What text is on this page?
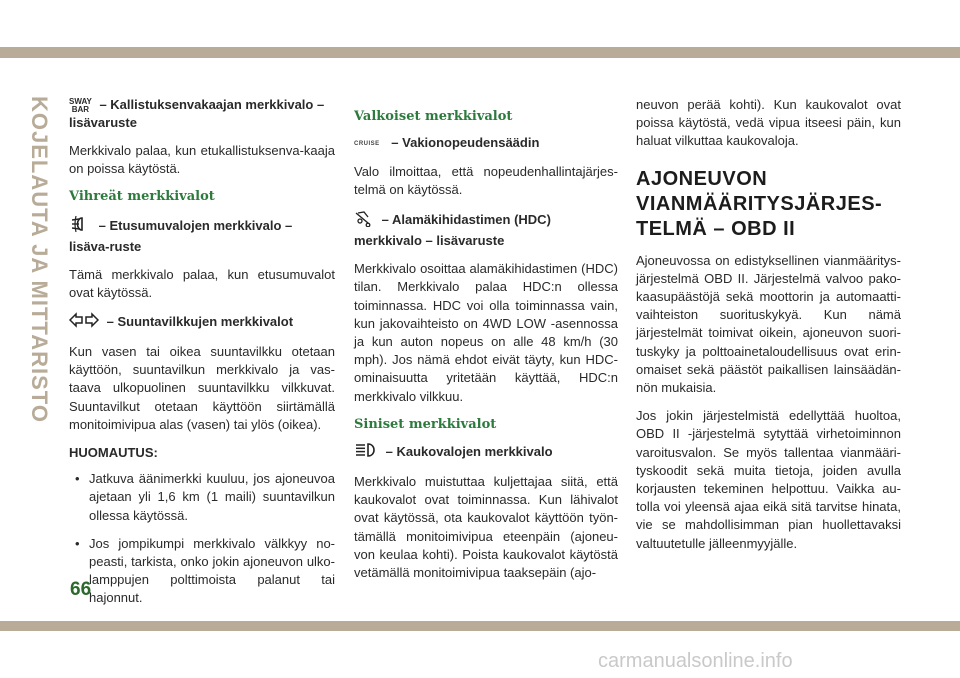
KOJELAUTA JA MITTARISTO SWAY
BAR – Kallistuksenvakaajan merkkivalo – lisävaruste

Merkkivalo palaa, kun etukallistuksenva-kaaja on poissa käytöstä.

Vihreät merkkivalot
– Etusumuvalojen merkkivalo – lisäva-ruste

Tämä merkkivalo palaa, kun etusumuvalot ovat käytössä.

– Suuntavilkkujen merkkivalot

Kun vasen tai oikea suuntavilkku otetaan käyttöön, suuntavilkun merkkivalo ja vas-taava ulkopuolinen suuntavilkku vilkkuvat. Suuntavilkut otetaan käyttöön siirtämällä monitoimivipua alas (vasen) tai ylös (oikea).

HUOMAUTUS:
• Jatkuva äänimerkki kuuluu, jos ajoneuvoa ajetaan yli 1,6 km (1 maili) suuntavilkun ollessa käytössä.
• Jos jompikumpi merkkivalo välkkyy no-peasti, tarkista, onko jokin ajoneuvon ulko-lamppujen polttimoista palanut tai hajonnut.
Valkoiset merkkivalot
CRUISE – Vakionopeudensäädin

Valo ilmoittaa, että nopeudenhallintajärjes-telmä on käytössä.

– Alamäkihidastimen (HDC) merkkivalo – lisävaruste

Merkkivalo osoittaa alamäkihidastimen (HDC) tilan. Merkkivalo palaa HDC:n ollessa toiminnassa. HDC voi olla toiminnassa vain, kun jakovaihteisto on 4WD LOW -asennossa ja kun auton nopeus on alle 48 km/h (30 mph). Jos nämä ehdot eivät täyty, kun HDC-ominaisuutta yritetään käyttää, HDC:n merkkivalo vilkkuu.

Siniset merkkivalot
– Kaukovalojen merkkivalo

Merkkivalo muistuttaa kuljettajaa siitä, että kaukovalot ovat toiminnassa. Kun lähivalot ovat käytössä, ota kaukovalot käyttöön työn-tämällä monitoimivipua eteenpäin (ajoneu-von keulaa kohti). Poista kaukovalot käytöstä vetämällä monitoimivipua taaksepäin (ajo-

neuvon perää kohti). Kun kaukovalot ovat poissa käytöstä, vedä vipua itseesi päin, kun haluat vilkuttaa kaukovaloja.

AJONEUVON
VIANMÄÄRITYSJÄRJES-
TELMÄ – OBD II

Ajoneuvossa on edistyksellinen vianmääritys-järjestelmä OBD II. Järjestelmä valvoo pako-kaasupäästöjä sekä moottorin ja automaatti-vaihteiston suorituskykyä. Kun nämä järjestelmät toimivat oikein, ajoneuvon suori-tuskyky ja polttoainetaloudellisuus ovat erin-omaiset sekä päästöt paikallisen lainsäädän-nön mukaisia.

Jos jokin järjestelmistä edellyttää huoltoa, OBD II -järjestelmä sytyttää virhetoiminnon varoitusvalon. Se myös tallentaa vianmääri-tyskoodit sekä muita tietoja, joiden avulla korjausten tekeminen helpottuu. Vaikka au-tolla voi yleensä ajaa eikä sitä tarvitse hinata, vie se mahdollisimman pian huollettavaksi valtuutetulle jälleenmyyjälle.

66
carmanualsonline.info
